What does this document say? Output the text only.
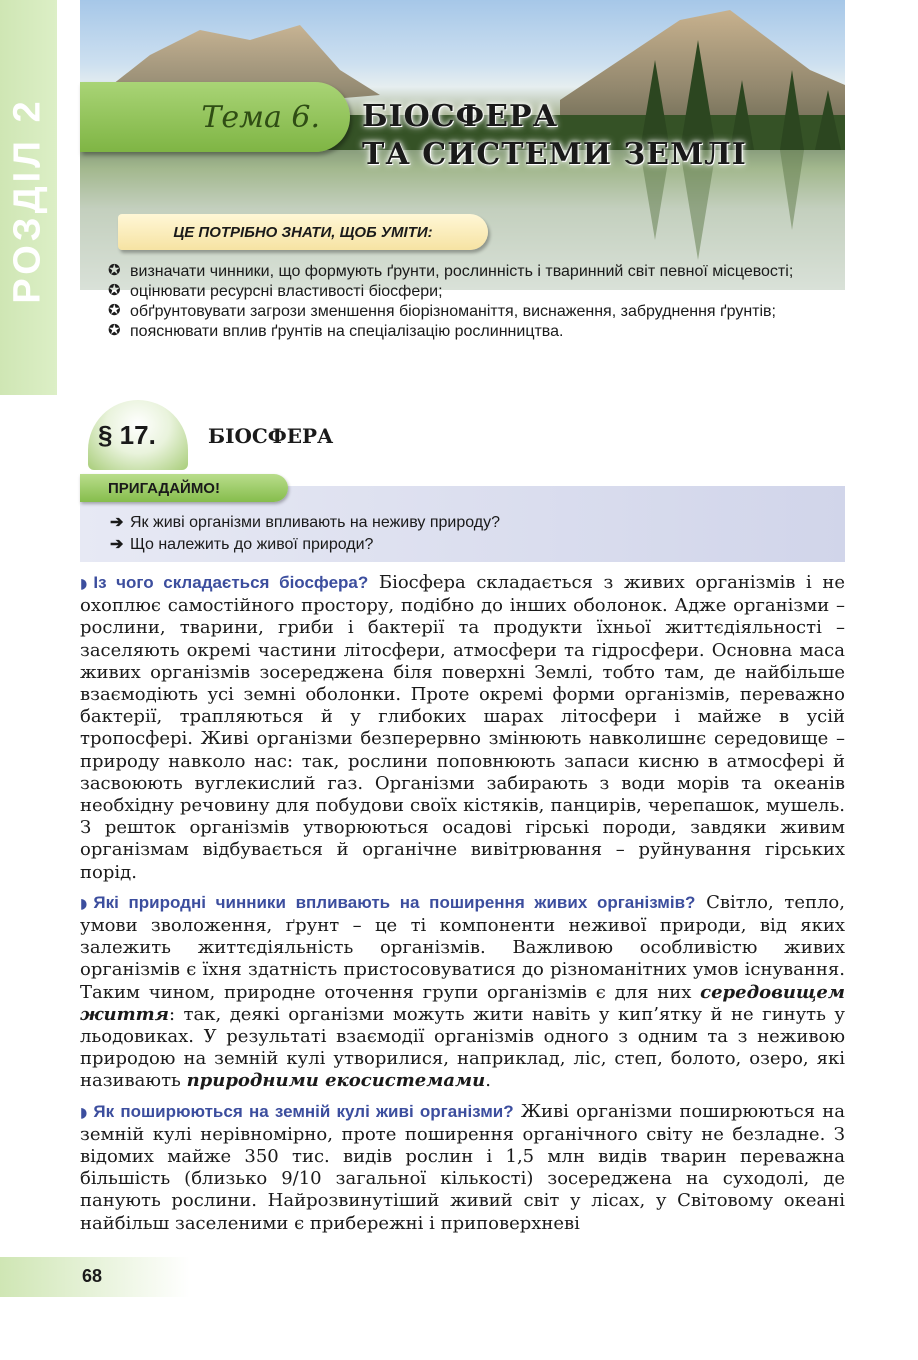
РОЗДІЛ 2	Тема 6. БІОСФЕРА
ТА СИСТЕМИ ЗЕМЛІ
ЦЕ ПОТРІБНО ЗНАТИ, ЩОБ УМІТИ:
✪ визначати чинники, що формують ґрунти, рослинність і тваринний світ певної місцевості;
✪ оцінювати ресурсні властивості біосфери;
✪ обґрунтовувати загрози зменшення біорізноманіття, виснаження, забруднення ґрунтів;
✪ пояснювати вплив ґрунтів на спеціалізацію рослинництва.
§ 17.	БІОСФЕРА
ПРИГАДАЙМО!
➔ Як живі організми впливають на неживу природу?
➔ Що належить до живої природи?

◗ Із чого складається біосфера? Біосфера складається з живих організмів і не охоплює самостійного простору, подібно до інших оболонок. Адже організми – рослини, тварини, гриби і бактерії та продукти їхньої життєдіяльності – заселяють окремі частини літосфери, атмосфери та гідросфери. Основна маса живих організмів зосереджена біля поверхні Землі, тобто там, де найбільше взаємодіють усі земні оболонки. Проте окремі форми організмів, переважно бактерії, трапляються й у глибоких шарах літосфери і майже в усій тропосфері. Живі організми безперервно змінюють навколишнє середовище – природу навколо нас: так, рослини поповнюють запаси кисню в атмосфері й засвоюють вуглекислий газ. Організми забирають з води морів та океанів необхідну речовину для побудови своїх кістяків, панцирів, черепашок, мушель. З решток організмів утворюються осадові гірські породи, завдяки живим організмам відбувається й органічне вивітрювання – руйнування гірських порід.

◗ Які природні чинники впливають на поширення живих організмів? Світло, тепло, умови зволоження, ґрунт – це ті компоненти неживої природи, від яких залежить життєдіяльність організмів. Важливою особливістю живих організмів є їхня здатність пристосовуватися до різноманітних умов існування. Таким чином, природне оточення групи організмів є для них середовищем життя: так, деякі організми можуть жити навіть у кип’ятку й не гинуть у льодовиках. У результаті взаємодії організмів одного з одним та з неживою природою на земній кулі утворилися, наприклад, ліс, степ, болото, озеро, які називають природними екосистемами.

◗ Як поширюються на земній кулі живі організми? Живі організми поширюються на земній кулі нерівномірно, проте поширення органічного світу не безладне. З відомих майже 350 тис. видів рослин і 1,5 млн видів тварин переважна більшість (близько 9/10 загальної кількості) зосереджена на суходолі, де панують рослини. Найрозвинутіший живий світ у лісах, у Світовому океані найбільш заселеними є прибережні і приповерхневі

68
